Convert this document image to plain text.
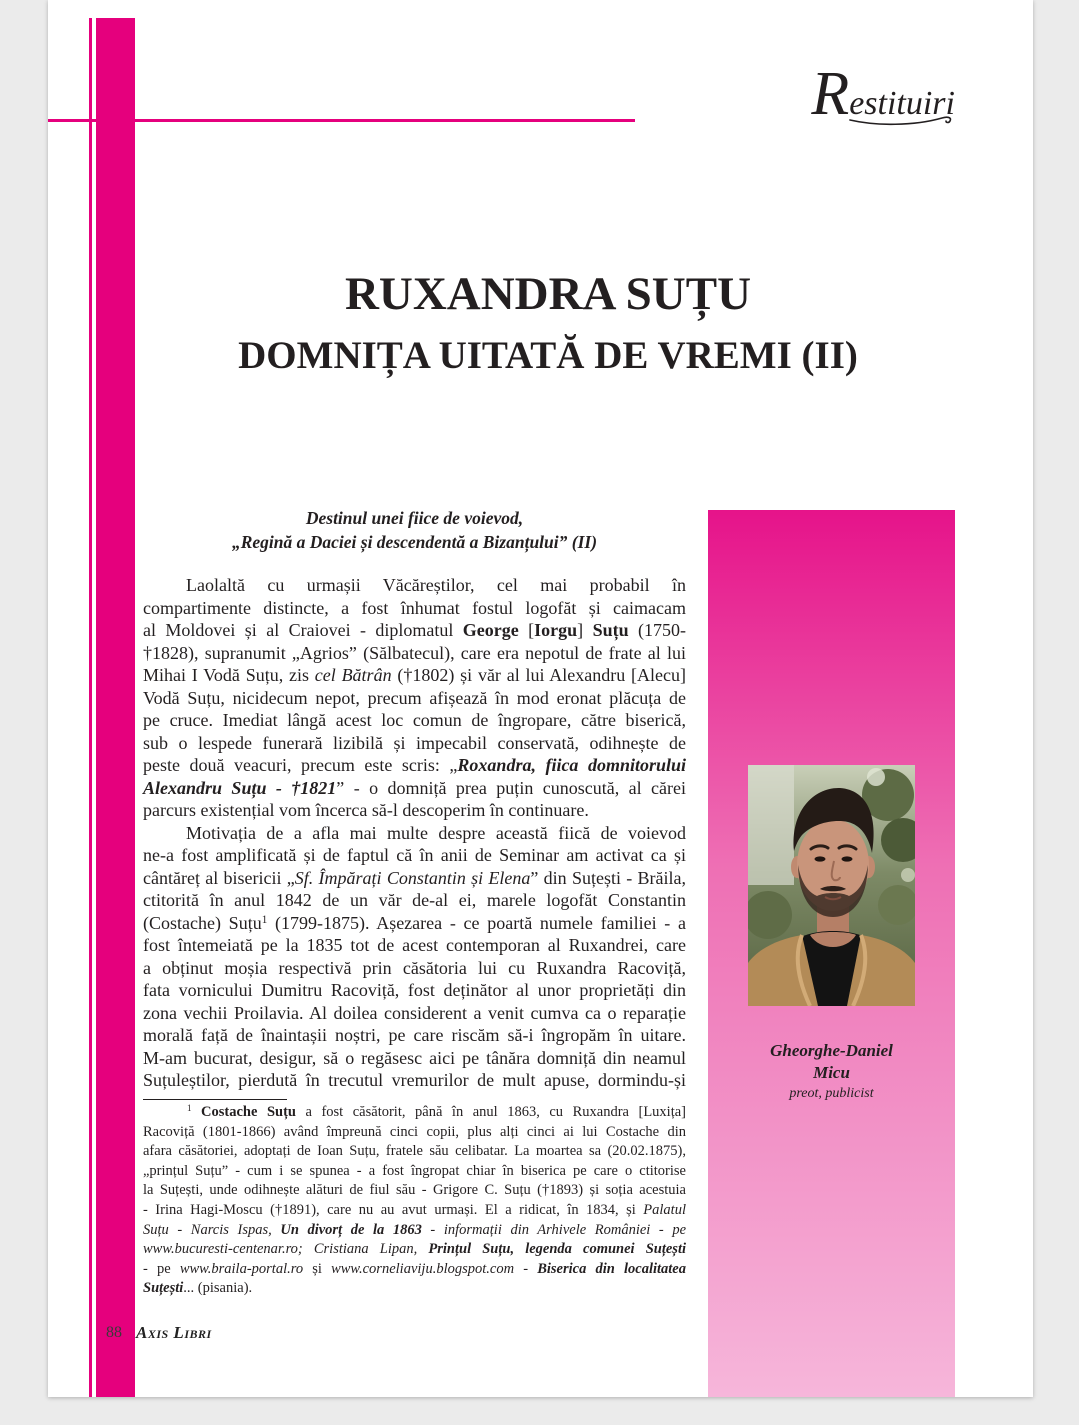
Restituiri
RUXANDRA SUȚU
DOMNIȚA UITATĂ DE VREMI (II)
Destinul unei fiice de voievod,
„Regină a Daciei și descendentă a Bizanțului” (II)
Gheorghe-Daniel
Micu
preot, publicist
Laolaltă cu urmașii Văcăreștilor, cel mai probabil în
compartimente distincte, a fost înhumat fostul logofăt și caimacam
al Moldovei și al Craiovei - diplomatul George [Iorgu] Suțu (1750-
†1828), supranumit „Agrios” (Sălbatecul), care era nepotul de frate al lui
Mihai I Vodă Suțu, zis cel Bătrân (†1802) și văr al lui Alexandru [Alecu]
Vodă Suțu, nicidecum nepot, precum afișează în mod eronat plăcuța de
pe cruce. Imediat lângă acest loc comun de îngropare, către biserică,
sub o lespede funerară lizibilă și impecabil conservată, odihnește de
peste două veacuri, precum este scris: „Roxandra, fiica domnitorului
Alexandru Suțu - †1821” - o domniță prea puțin cunoscută, al cărei
parcurs existențial vom încerca să-l descoperim în continuare.
Motivația de a afla mai multe despre această fiică de voievod
ne-a fost amplificată și de faptul că în anii de Seminar am activat ca și
cântăreț al bisericii „Sf. Împărați Constantin și Elena” din Suțești - Brăila,
ctitorită în anul 1842 de un văr de-al ei, marele logofăt Constantin
(Costache) Suțu$^1$ (1799-1875). Așezarea - ce poartă numele familiei - a
fost întemeiată pe la 1835 tot de acest contemporan al Ruxandrei, care
a obținut moșia respectivă prin căsătoria lui cu Ruxandra Racoviță,
fata vornicului Dumitru Racoviță, fost deținător al unor proprietăți din
zona vechii Proilavia. Al doilea considerent a venit cumva ca o reparație
morală față de înaintașii noștri, pe care riscăm să-i îngropăm în uitare.
M-am bucurat, desigur, să o regăsesc aici pe tânăra domniță din neamul
Suțuleștilor, pierdută în trecutul vremurilor de mult apuse, dormindu-și
$^1$ Costache Suțu a fost căsătorit, până în anul 1863, cu Ruxandra [Luxița]
Racoviță (1801-1866) având împreună cinci copii, plus alți cinci ai lui Costache din
afara căsătoriei, adoptați de Ioan Suțu, fratele său celibatar. La moartea sa (20.02.1875),
„prințul Suțu” - cum i se spunea - a fost îngropat chiar în biserica pe care o ctitorise
la Suțești, unde odihnește alături de fiul său - Grigore C. Suțu (†1893) și soția acestuia
- Irina Hagi-Moscu (†1891), care nu au avut urmași. El a ridicat, în 1834, și Palatul
Suțu - Narcis Ispas, Un divorț de la 1863 - informații din Arhivele României - pe
www.bucuresti-centenar.ro; Cristiana Lipan, Prințul Suțu, legenda comunei Suțești
- pe www.braila-portal.ro și www.corneliaviju.blogspot.com - Biserica din localitatea
Suțești... (pisania).
88 Axis Libri
